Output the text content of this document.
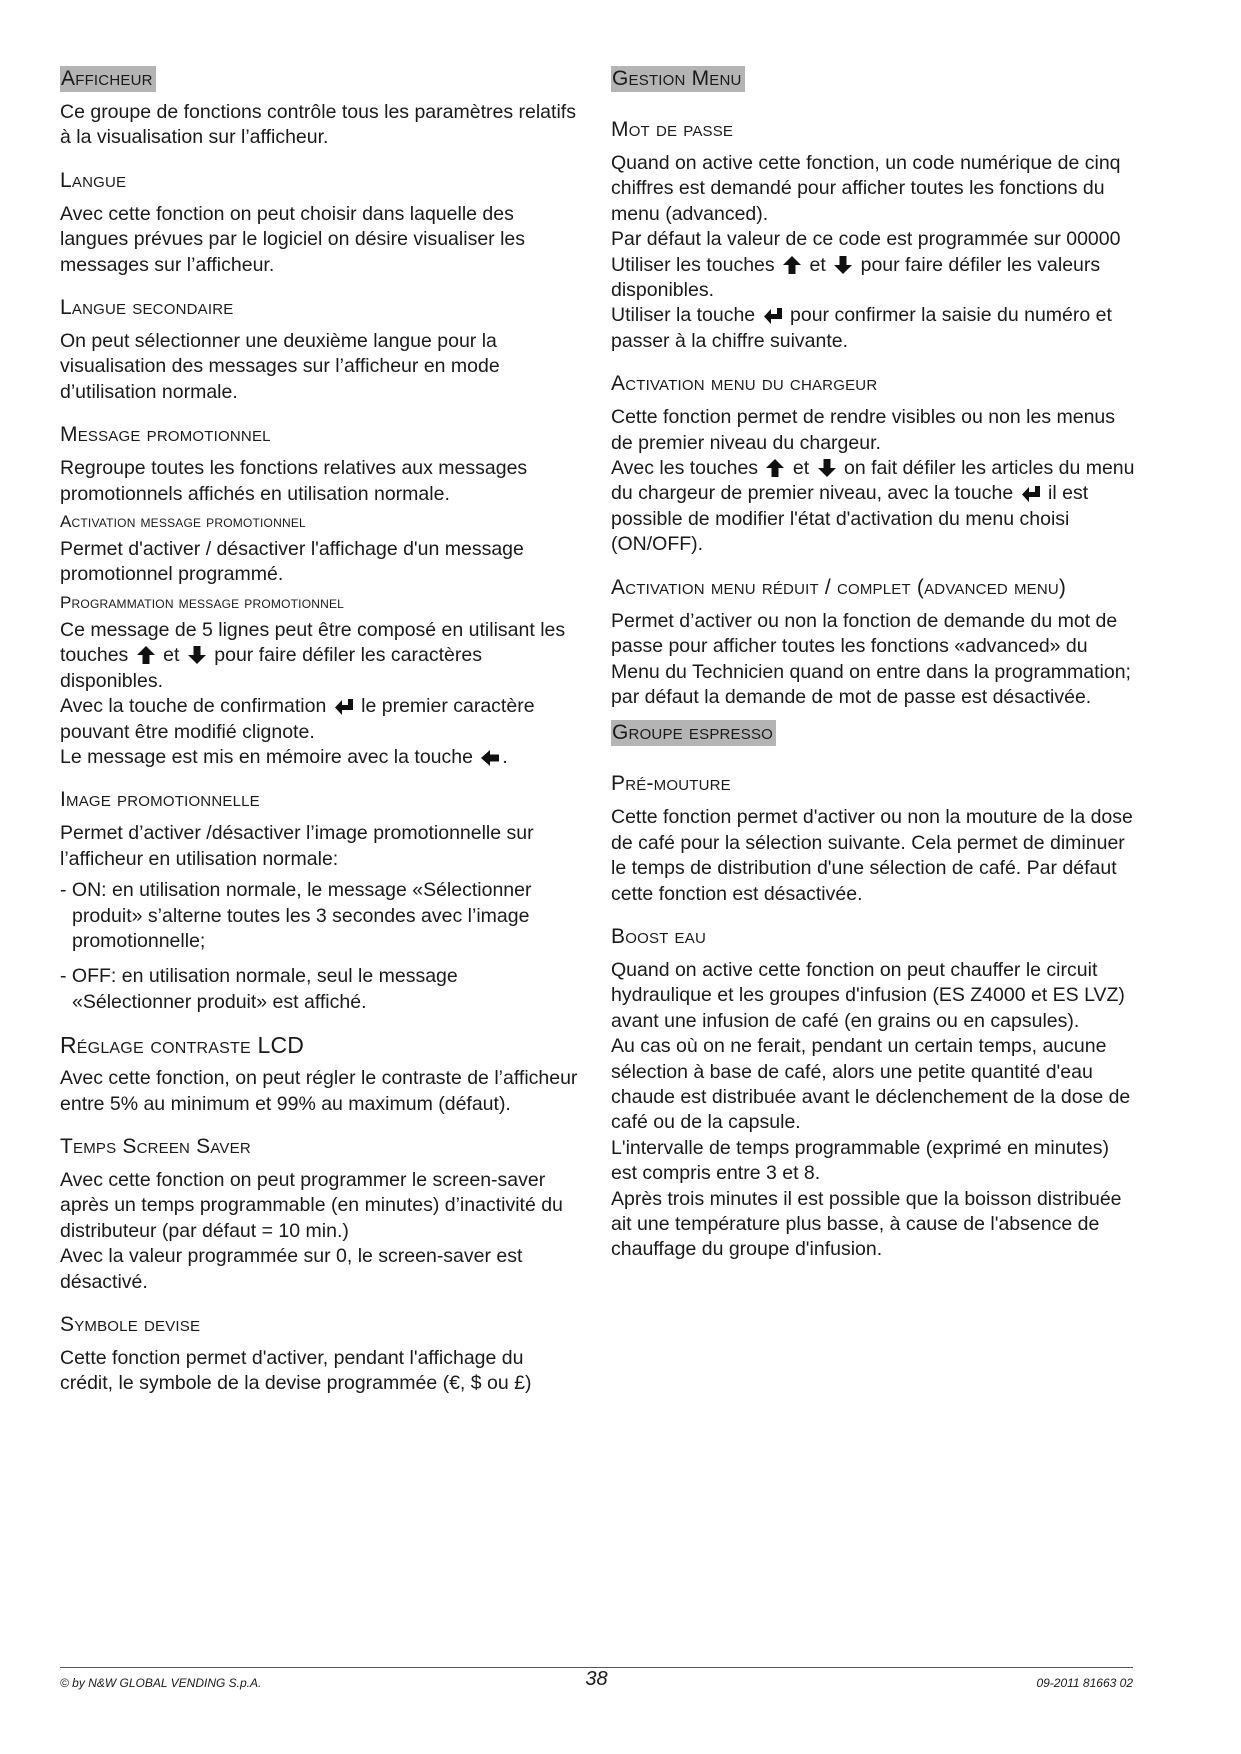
Afficheur

Ce groupe de fonctions contrôle tous les paramètres relatifs à la visualisation sur l’afficheur.

Langue

Avec cette fonction on peut choisir dans laquelle des langues prévues par le logiciel on désire visualiser les messages sur l’afficheur.

Langue secondaire

On peut sélectionner une deuxième langue pour la visualisation des messages sur l’afficheur en mode d’utilisation normale.

Message promotionnel

Regroupe toutes les fonctions relatives aux messages promotionnels affichés en utilisation normale.

Activation message promotionnel

Permet d'activer / désactiver l'affichage d'un message promotionnel programmé.

Programmation message promotionnel

Ce message de 5 lignes peut être composé en utilisant les touches et pour faire défiler les caractères disponibles.

Avec la touche de confirmation le premier caractère pouvant être modifié clignote.

Le message est mis en mémoire avec la touche .

Image promotionnelle

Permet d’activer /désactiver l’image promotionnelle sur l’afficheur en utilisation normale:

- ON: en utilisation normale, le message «Sélectionner produit» s’alterne toutes les 3 secondes avec l’image promotionnelle;

- OFF: en utilisation normale, seul le message «Sélectionner produit» est affiché.

Réglage contraste LCD

Avec cette fonction, on peut régler le contraste de l’afficheur entre 5% au minimum et 99% au maximum (défaut).

Temps Screen Saver

Avec cette fonction on peut programmer le screen-saver après un temps programmable (en minutes) d’inactivité du distributeur (par défaut = 10 min.)

Avec la valeur programmée sur 0, le screen-saver est désactivé.

Symbole devise

Cette fonction permet d'activer, pendant l'affichage du crédit, le symbole de la devise programmée (€, $ ou £)

Gestion Menu
Mot de passe

Quand on active cette fonction, un code numérique de cinq chiffres est demandé pour afficher toutes les fonctions du menu (advanced).

Par défaut la valeur de ce code est programmée sur 00000

Utiliser les touches et pour faire défiler les valeurs disponibles.

Utiliser la touche pour confirmer la saisie du numéro et passer à la chiffre suivante.

Activation menu du chargeur

Cette fonction permet de rendre visibles ou non les menus de premier niveau du chargeur.

Avec les touches et on fait défiler les articles du menu du chargeur de premier niveau, avec la touche il est possible de modifier l'état d'activation du menu choisi (ON/OFF).

Activation menu réduit / complet (advanced menu)

Permet d’activer ou non la fonction de demande du mot de passe pour afficher toutes les fonctions «advanced» du Menu du Technicien quand on entre dans la programmation; par défaut la demande de mot de passe est désactivée.

Groupe espresso
Pré-mouture

Cette fonction permet d'activer ou non la mouture de la dose de café pour la sélection suivante. Cela permet de diminuer le temps de distribution d'une sélection de café. Par défaut cette fonction est désactivée.

Boost eau

Quand on active cette fonction on peut chauffer le circuit hydraulique et les groupes d'infusion (ES Z4000 et ES LVZ) avant une infusion de café (en grains ou en capsules).

Au cas où on ne ferait, pendant un certain temps, aucune sélection à base de café, alors une petite quantité d'eau chaude est distribuée avant le déclenchement de la dose de café ou de la capsule.

L'intervalle de temps programmable (exprimé en minutes) est compris entre 3 et 8.

Après trois minutes il est possible que la boisson distribuée ait une température plus basse, à cause de l'absence de chauffage du groupe d'infusion.

© by N&W GLOBAL VENDING S.p.A.	38	09-2011 81663 02
